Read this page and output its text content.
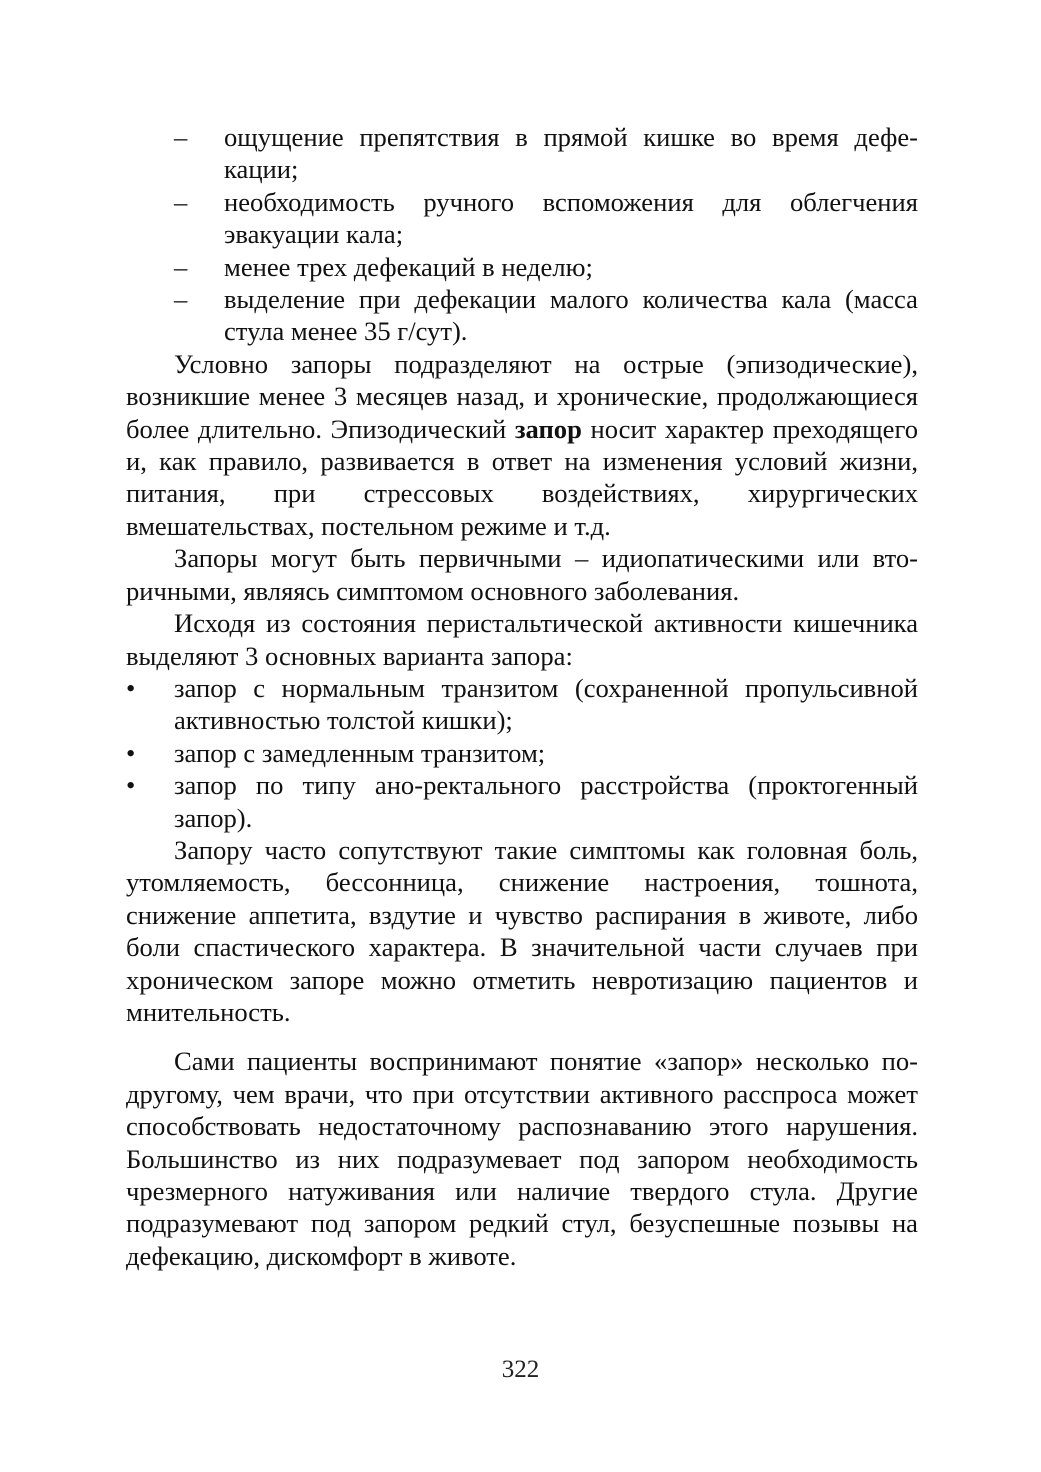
– ощущение препятствия в прямой кишке во время дефекации;
– необходимость ручного вспоможения для облегчения эвакуации кала;
– менее трех дефекаций в неделю;
– выделение при дефекации малого количества кала (масса стула менее 35 г/сут).

Условно запоры подразделяют на острые (эпизодические), возникшие менее 3 месяцев назад, и хронические, продолжающиеся более длительно. Эпизодический запор носит характер преходящего и, как правило, развивается в ответ на изменения условий жизни, питания, при стрессовых воздействиях, хирургических вмешательствах, постельном режиме и т.д.

Запоры могут быть первичными – идиопатическими или вторичными, являясь симптомом основного заболевания.

Исходя из состояния перистальтической активности кишечника выделяют 3 основных варианта запора:

• запор с нормальным транзитом (сохраненной пропульсивной активностью толстой кишки);
• запор с замедленным транзитом;
• запор по типу ано-ректального расстройства (проктогенный запор).

Запору часто сопутствуют такие симптомы как головная боль, утомляемость, бессонница, снижение настроения, тошнота, снижение аппетита, вздутие и чувство распирания в животе, либо боли спастического характера. В значительной части случаев при хроническом запоре можно отметить невротизацию пациентов и мнительность.

Сами пациенты воспринимают понятие «запор» несколько по-другому, чем врачи, что при отсутствии активного расспроса может способствовать недостаточному распознаванию этого нарушения. Большинство из них подразумевает под запором необходимость чрезмерного натуживания или наличие твердого стула. Другие подразумевают под запором редкий стул, безуспешные позывы на дефекацию, дискомфорт в животе.

322
